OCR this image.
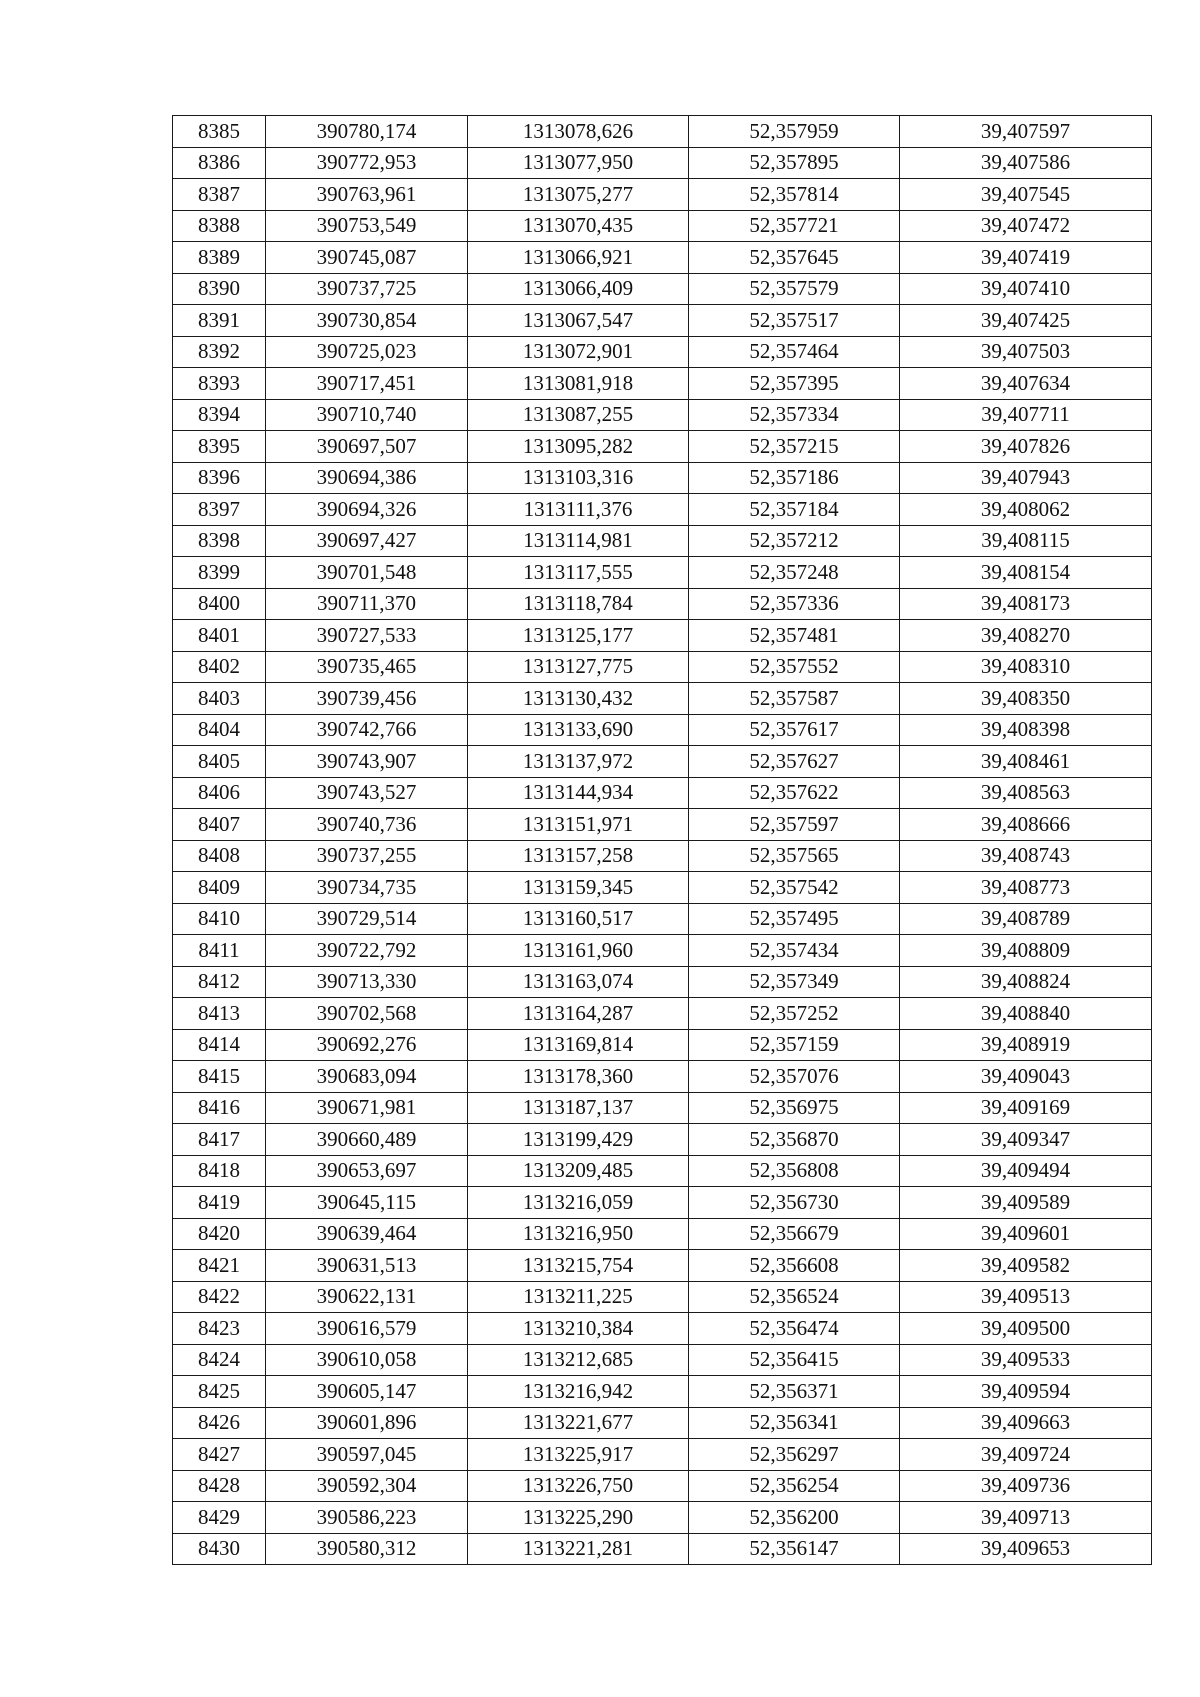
8385	390780,174	1313078,626	52,357959	39,407597
8386	390772,953	1313077,950	52,357895	39,407586
8387	390763,961	1313075,277	52,357814	39,407545
8388	390753,549	1313070,435	52,357721	39,407472
8389	390745,087	1313066,921	52,357645	39,407419
8390	390737,725	1313066,409	52,357579	39,407410
8391	390730,854	1313067,547	52,357517	39,407425
8392	390725,023	1313072,901	52,357464	39,407503
8393	390717,451	1313081,918	52,357395	39,407634
8394	390710,740	1313087,255	52,357334	39,407711
8395	390697,507	1313095,282	52,357215	39,407826
8396	390694,386	1313103,316	52,357186	39,407943
8397	390694,326	1313111,376	52,357184	39,408062
8398	390697,427	1313114,981	52,357212	39,408115
8399	390701,548	1313117,555	52,357248	39,408154
8400	390711,370	1313118,784	52,357336	39,408173
8401	390727,533	1313125,177	52,357481	39,408270
8402	390735,465	1313127,775	52,357552	39,408310
8403	390739,456	1313130,432	52,357587	39,408350
8404	390742,766	1313133,690	52,357617	39,408398
8405	390743,907	1313137,972	52,357627	39,408461
8406	390743,527	1313144,934	52,357622	39,408563
8407	390740,736	1313151,971	52,357597	39,408666
8408	390737,255	1313157,258	52,357565	39,408743
8409	390734,735	1313159,345	52,357542	39,408773
8410	390729,514	1313160,517	52,357495	39,408789
8411	390722,792	1313161,960	52,357434	39,408809
8412	390713,330	1313163,074	52,357349	39,408824
8413	390702,568	1313164,287	52,357252	39,408840
8414	390692,276	1313169,814	52,357159	39,408919
8415	390683,094	1313178,360	52,357076	39,409043
8416	390671,981	1313187,137	52,356975	39,409169
8417	390660,489	1313199,429	52,356870	39,409347
8418	390653,697	1313209,485	52,356808	39,409494
8419	390645,115	1313216,059	52,356730	39,409589
8420	390639,464	1313216,950	52,356679	39,409601
8421	390631,513	1313215,754	52,356608	39,409582
8422	390622,131	1313211,225	52,356524	39,409513
8423	390616,579	1313210,384	52,356474	39,409500
8424	390610,058	1313212,685	52,356415	39,409533
8425	390605,147	1313216,942	52,356371	39,409594
8426	390601,896	1313221,677	52,356341	39,409663
8427	390597,045	1313225,917	52,356297	39,409724
8428	390592,304	1313226,750	52,356254	39,409736
8429	390586,223	1313225,290	52,356200	39,409713
8430	390580,312	1313221,281	52,356147	39,409653
